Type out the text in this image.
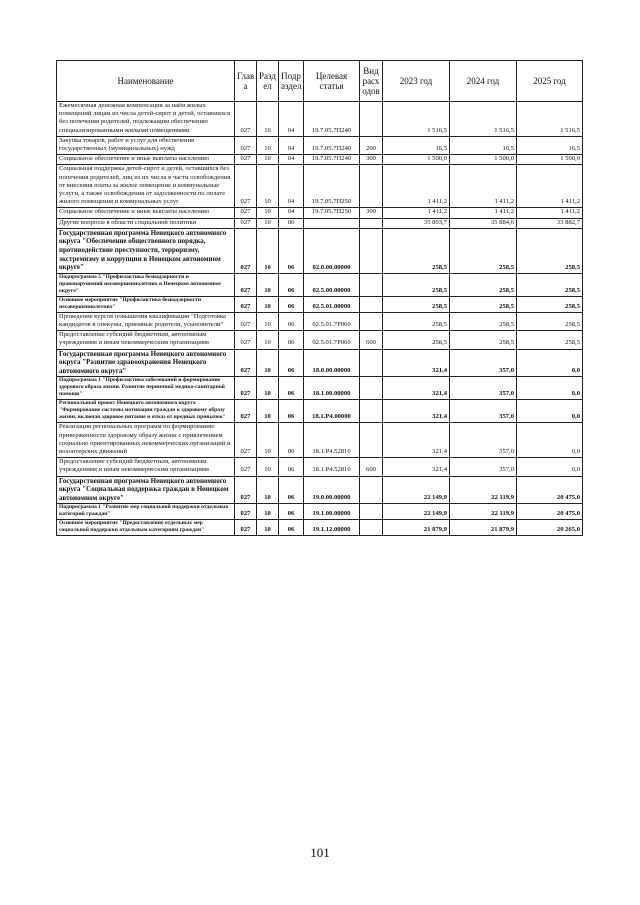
Наименование	Глав а	Разд ел	Подр аздел	Целевая статья	Вид расх одов	2023 год	2024 год	2025 год
Ежемесячная денежная компенсация за наём жилых помещений лицам из числа детей-сирот и детей, оставшихся без попечения родителей, подлежащим обеспечению специализированными жилыми помещениями	027	10	04	19.7.05.7П240		1 516,5	1 516,5	1 516,5
Закупка товаров, работ и услуг для обеспечения государственных (муниципальных) нужд	027	10	04	19.7.05.7П240	200	16,5	16,5	16,5
Социальное обеспечение и иные выплаты населению	027	10	04	19.7.05.7П240	300	1 500,0	1 500,0	1 500,0
Социальная поддержка детей-сирот и детей, оставшихся без попечения родителей, лиц из их числа в части освобождения от внесения платы за жилое помещение и коммунальные услуги, а также освобождения от задолженности по оплате жилого помещения и коммунальных услуг	027	10	04	19.7.05.7П250		1 411,2	1 411,2	1 411,2
Социальное обеспечение и иные выплаты населению	027	10	04	19.7.05.7П250	300	1 411,2	1 411,2	1 411,2
Другие вопросы в области социальной политики	027	10	06			35 893,7	35 884,6	33 882,7
Государственная программа Ненецкого автономного округа "Обеспечение общественного порядка, противодействие преступности, терроризму, экстремизму и коррупции в Ненецком автономном округе"	027	10	06	02.0.00.00000		258,5	258,5	258,5
Подпрограмма 5 "Профилактика безнадзорности и правонарушений несовершеннолетних в Ненецком автономном округе"	027	10	06	02.5.00.00000		258,5	258,5	258,5
Основное мероприятие "Профилактика безнадзорности несовершеннолетних"	027	10	06	02.5.01.00000		258,5	258,5	258,5
Проведение курсов повышения квалификации "Подготовка кандидатов в опекуны, приемные родители, усыновители"	027	10	06	02.5.01.7Р060		258,5	258,5	258,5
Предоставление субсидий бюджетным, автономным учреждениям и иным некоммерческим организациям	027	10	06	02.5.01.7Р060	600	258,5	258,5	258,5
Государственная программа Ненецкого автономного округа "Развитие здравоохранения Ненецкого автономного округа"	027	10	06	18.0.00.00000		321,4	357,0	0,0
Подпрограмма 1 "Профилактика заболеваний и формирование здорового образа жизни. Развитие первичной медико-санитарной помощи"	027	10	06	18.1.00.00000		321,4	357,0	0,0
Региональный проект Ненецкого автономного округа "Формирование системы мотивации граждан к здоровому образу жизни, включая здоровое питание и отказ от вредных привычек"	027	10	06	18.1.P4.00000		321,4	357,0	0,0
Реализация региональных программ по формированию приверженности здоровому образу жизни с привлечением социально ориентированных некоммерческих организаций и волонтерских движений	027	10	06	18.1.P4.52810		321,4	357,0	0,0
Предоставление субсидий бюджетным, автономным учреждениям и иным некоммерческим организациям	027	10	06	18.1.P4.52810	600	321,4	357,0	0,0
Государственная программа Ненецкого автономного округа "Социальная поддержка граждан в Ненецком автономном округе"	027	10	06	19.0.00.00000		22 149,9	22 119,9	20 475,0
Подпрограмма 1 "Развитие мер социальной поддержки отдельных категорий граждан"	027	10	06	19.1.00.00000		22 149,9	22 119,9	20 475,0
Основное мероприятие "Предоставление отдельных мер социальной поддержки отдельным категориям граждан"	027	10	06	19.1.12.00000		21 879,9	21 879,9	20 265,0
101
